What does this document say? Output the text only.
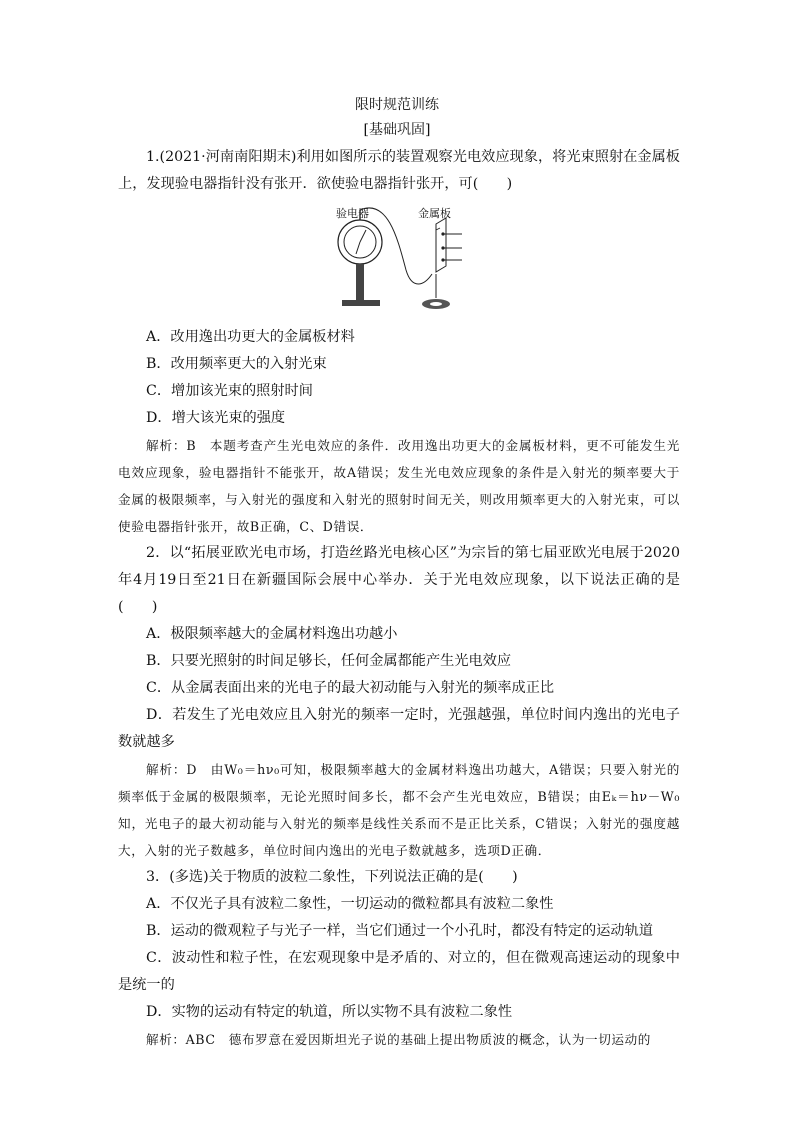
限时规范训练
[基础巩固]

1.(2021·河南南阳期末)利用如图所示的装置观察光电效应现象，将光束照射在金属板上，发现验电器指针没有张开．欲使验电器指针张开，可(　　)

验电器	金属板

A．改用逸出功更大的金属板材料

B．改用频率更大的入射光束

C．增加该光束的照射时间

D．增大该光束的强度

解析：B　本题考查产生光电效应的条件．改用逸出功更大的金属板材料，更不可能发生光电效应现象，验电器指针不能张开，故A错误；发生光电效应现象的条件是入射光的频率要大于金属的极限频率，与入射光的强度和入射光的照射时间无关，则改用频率更大的入射光束，可以使验电器指针张开，故B正确，C、D错误．

2．以“拓展亚欧光电市场，打造丝路光电核心区”为宗旨的第七届亚欧光电展于2020年4月19日至21日在新疆国际会展中心举办．关于光电效应现象，以下说法正确的是(　　)

A．极限频率越大的金属材料逸出功越小

B．只要光照射的时间足够长，任何金属都能产生光电效应

C．从金属表面出来的光电子的最大初动能与入射光的频率成正比

D．若发生了光电效应且入射光的频率一定时，光强越强，单位时间内逸出的光电子数就越多

解析：D　由W₀＝hν₀可知，极限频率越大的金属材料逸出功越大，A错误；只要入射光的频率低于金属的极限频率，无论光照时间多长，都不会产生光电效应，B错误；由Eₖ＝hν－W₀知，光电子的最大初动能与入射光的频率是线性关系而不是正比关系，C错误；入射光的强度越大，入射的光子数越多，单位时间内逸出的光电子数就越多，选项D正确．

3．(多选)关于物质的波粒二象性，下列说法正确的是(　　)

A．不仅光子具有波粒二象性，一切运动的微粒都具有波粒二象性

B．运动的微观粒子与光子一样，当它们通过一个小孔时，都没有特定的运动轨道

C．波动性和粒子性，在宏观现象中是矛盾的、对立的，但在微观高速运动的现象中是统一的

D．实物的运动有特定的轨道，所以实物不具有波粒二象性

解析：ABC　德布罗意在爱因斯坦光子说的基础上提出物质波的概念，认为一切运动的
